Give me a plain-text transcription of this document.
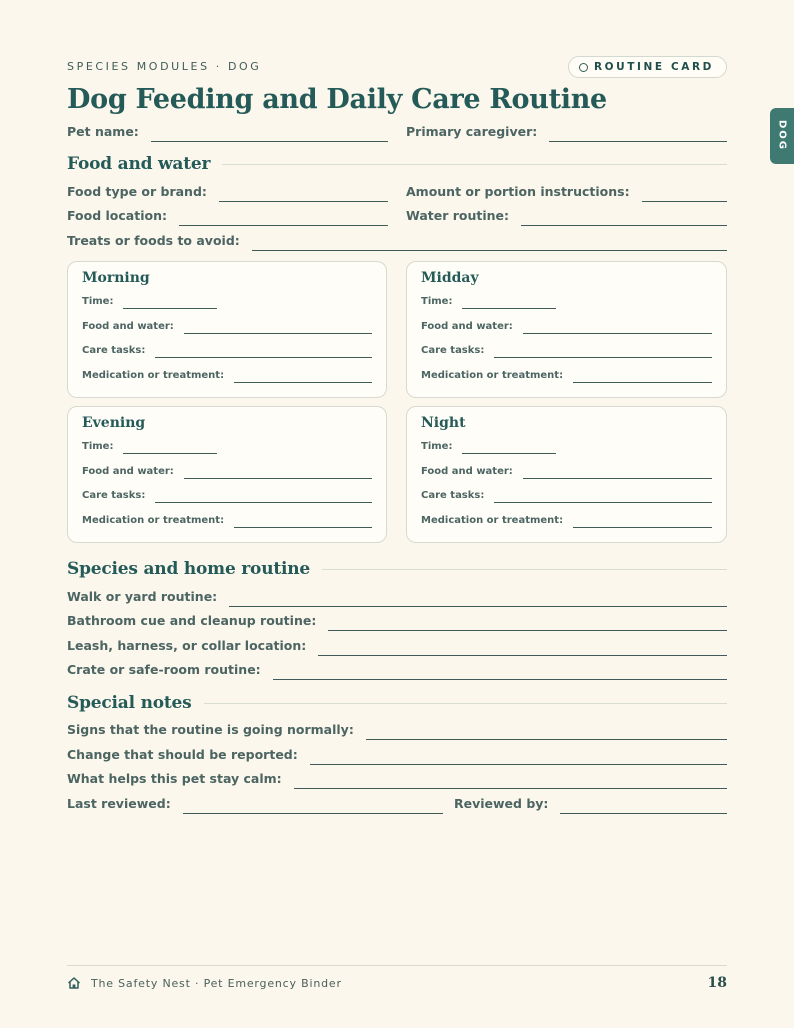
SPECIES MODULES · DOG	ROUTINE CARD
Dog Feeding and Daily Care Routine
Pet name:	Primary caregiver:
Food and water
Food type or brand:	Amount or portion instructions:
Food location:	Water routine:
Treats or foods to avoid:
Morning
Time:
Food and water:
Care tasks:
Medication or treatment:
Midday
Time:
Food and water:
Care tasks:
Medication or treatment:
Evening
Time:
Food and water:
Care tasks:
Medication or treatment:
Night
Time:
Food and water:
Care tasks:
Medication or treatment:
Species and home routine
Walk or yard routine:
Bathroom cue and cleanup routine:
Leash, harness, or collar location:
Crate or safe-room routine:
Special notes
Signs that the routine is going normally:
Change that should be reported:
What helps this pet stay calm:
Last reviewed:	Reviewed by:
The Safety Nest · Pet Emergency Binder	18
DOG
